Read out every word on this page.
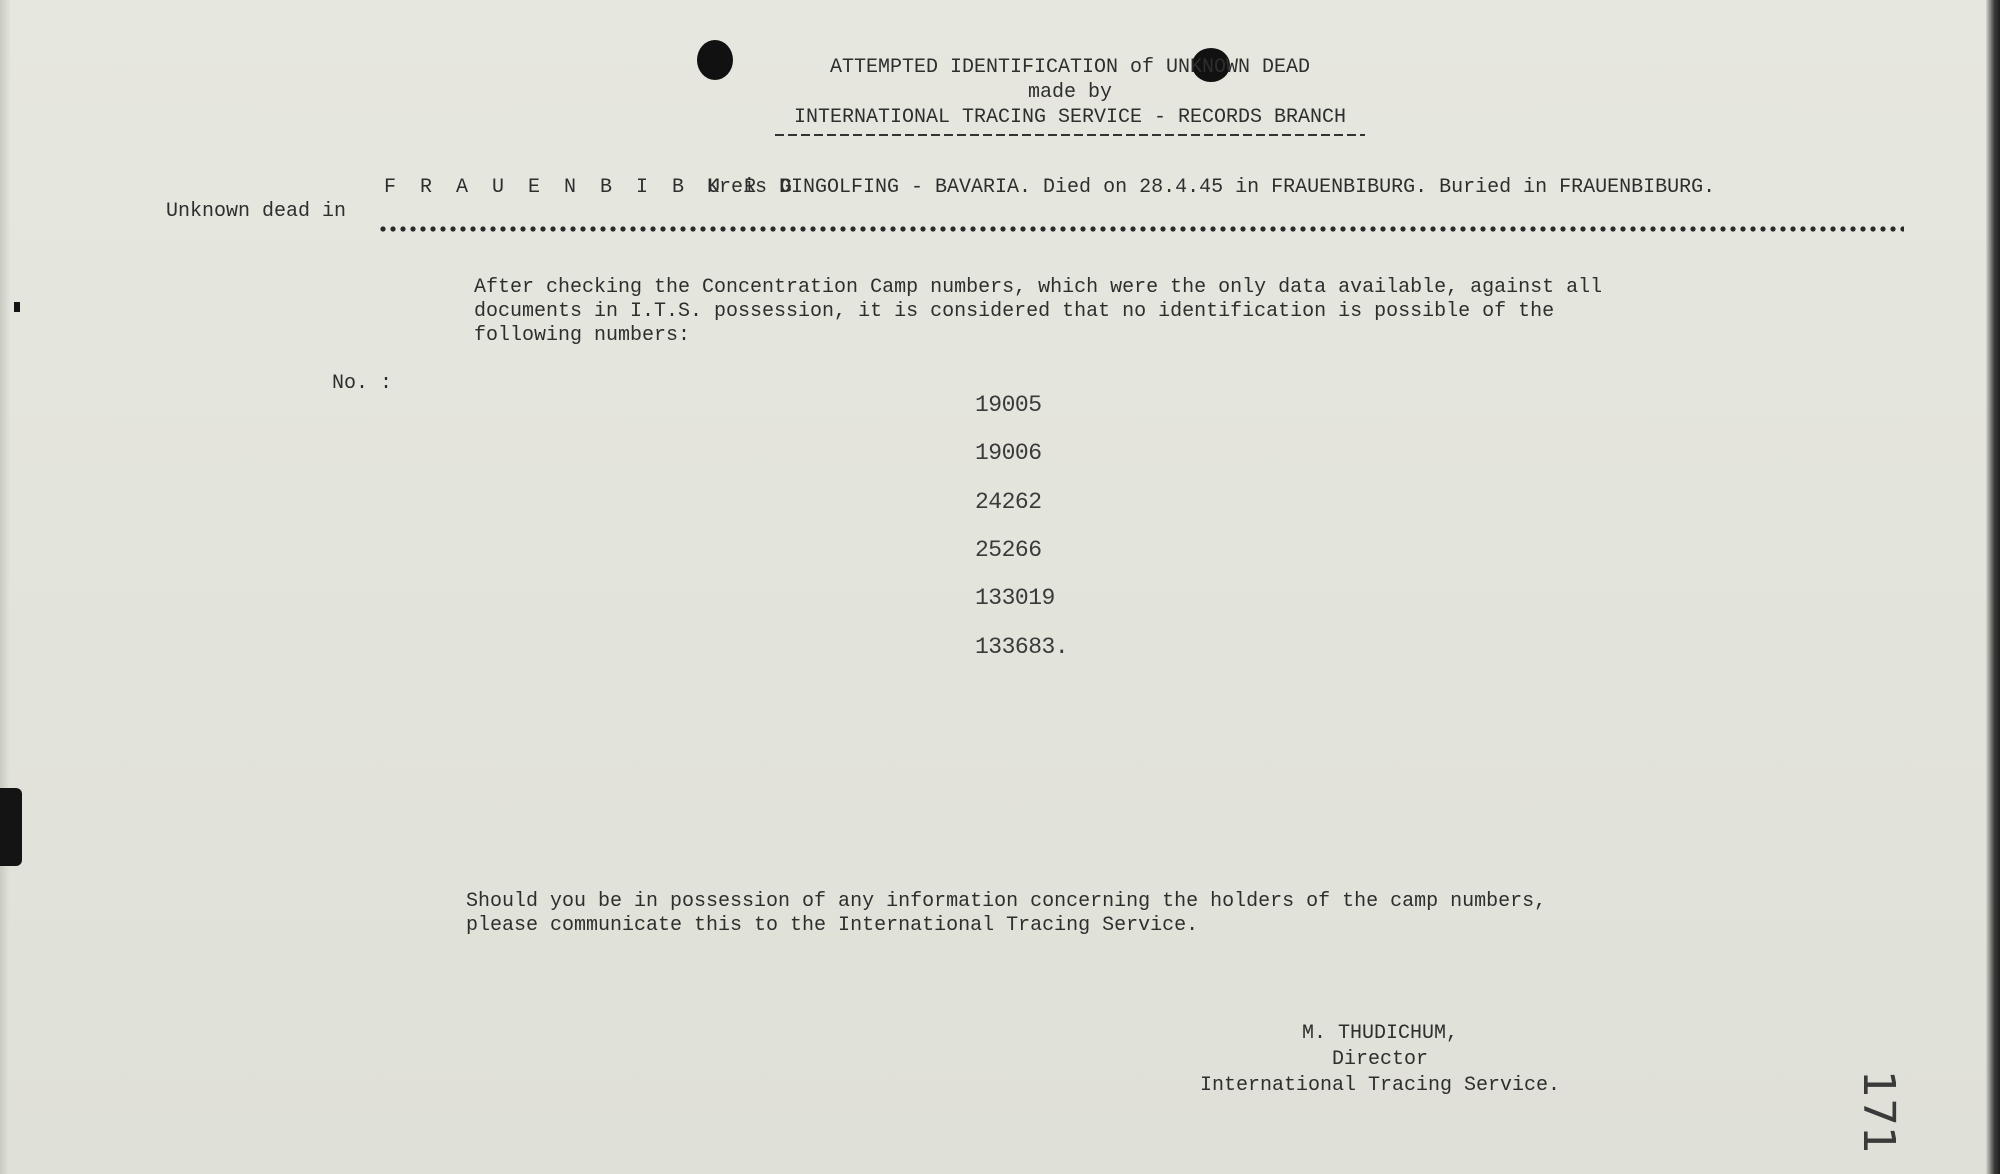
ATTEMPTED IDENTIFICATION of UNKNOWN DEAD
made by
INTERNATIONAL TRACING SERVICE - RECORDS BRANCH
F R A U E N B I B U R G
Kreis DINGOLFING - BAVARIA. Died on 28.4.45 in FRAUENBIBURG. Buried in FRAUENBIBURG.
Unknown dead in
After checking the Concentration Camp numbers, which were the only data available, against all
documents in I.T.S. possession, it is considered that no identification is possible of the
following numbers:
No. :
19005
19006
24262
25266
133019
133683.
Should you be in possession of any information concerning the holders of the camp numbers,
please communicate this to the International Tracing Service.
M. THUDICHUM,
Director
International Tracing Service.	171
